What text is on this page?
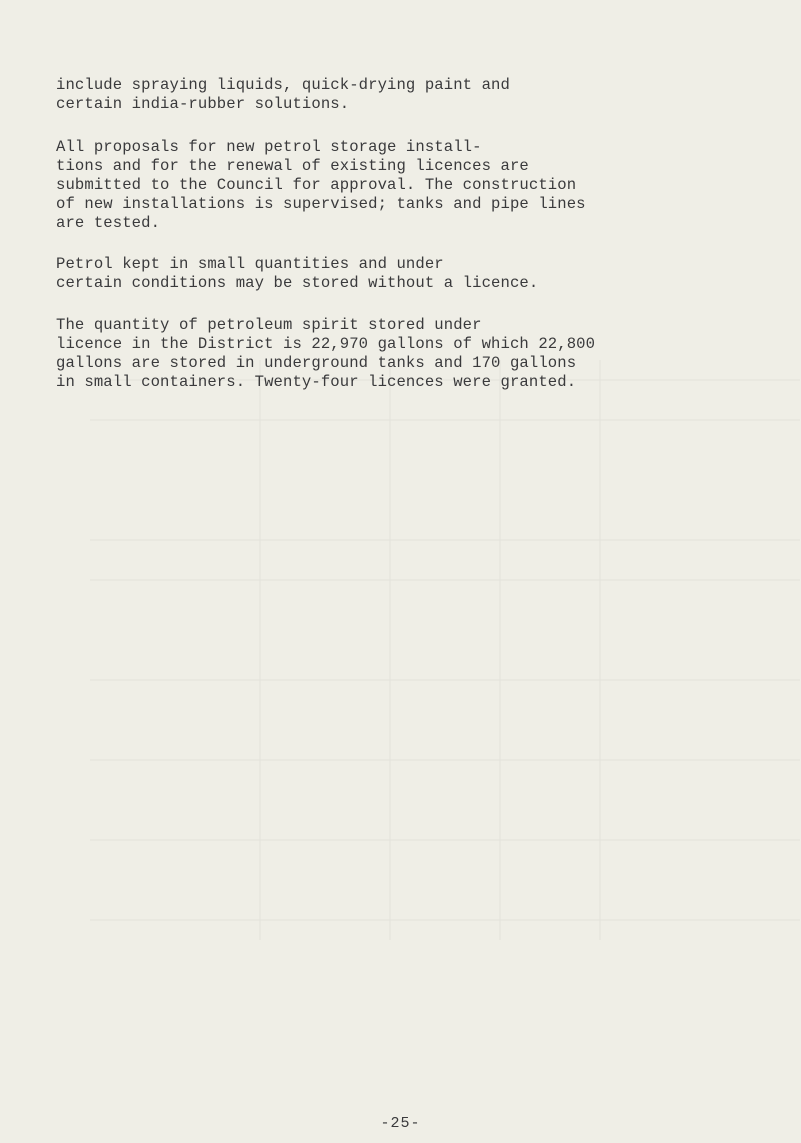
include spraying liquids, quick-drying paint and
certain india-rubber solutions.

All proposals for new petrol storage install-
tions and for the renewal of existing licences are
submitted to the Council for approval. The construction
of new installations is supervised; tanks and pipe lines
are tested.

Petrol kept in small quantities and under
certain conditions may be stored without a licence.

The quantity of petroleum spirit stored under
licence in the District is 22,970 gallons of which 22,800
gallons are stored in underground tanks and 170 gallons
in small containers. Twenty-four licences were granted.

-25-
